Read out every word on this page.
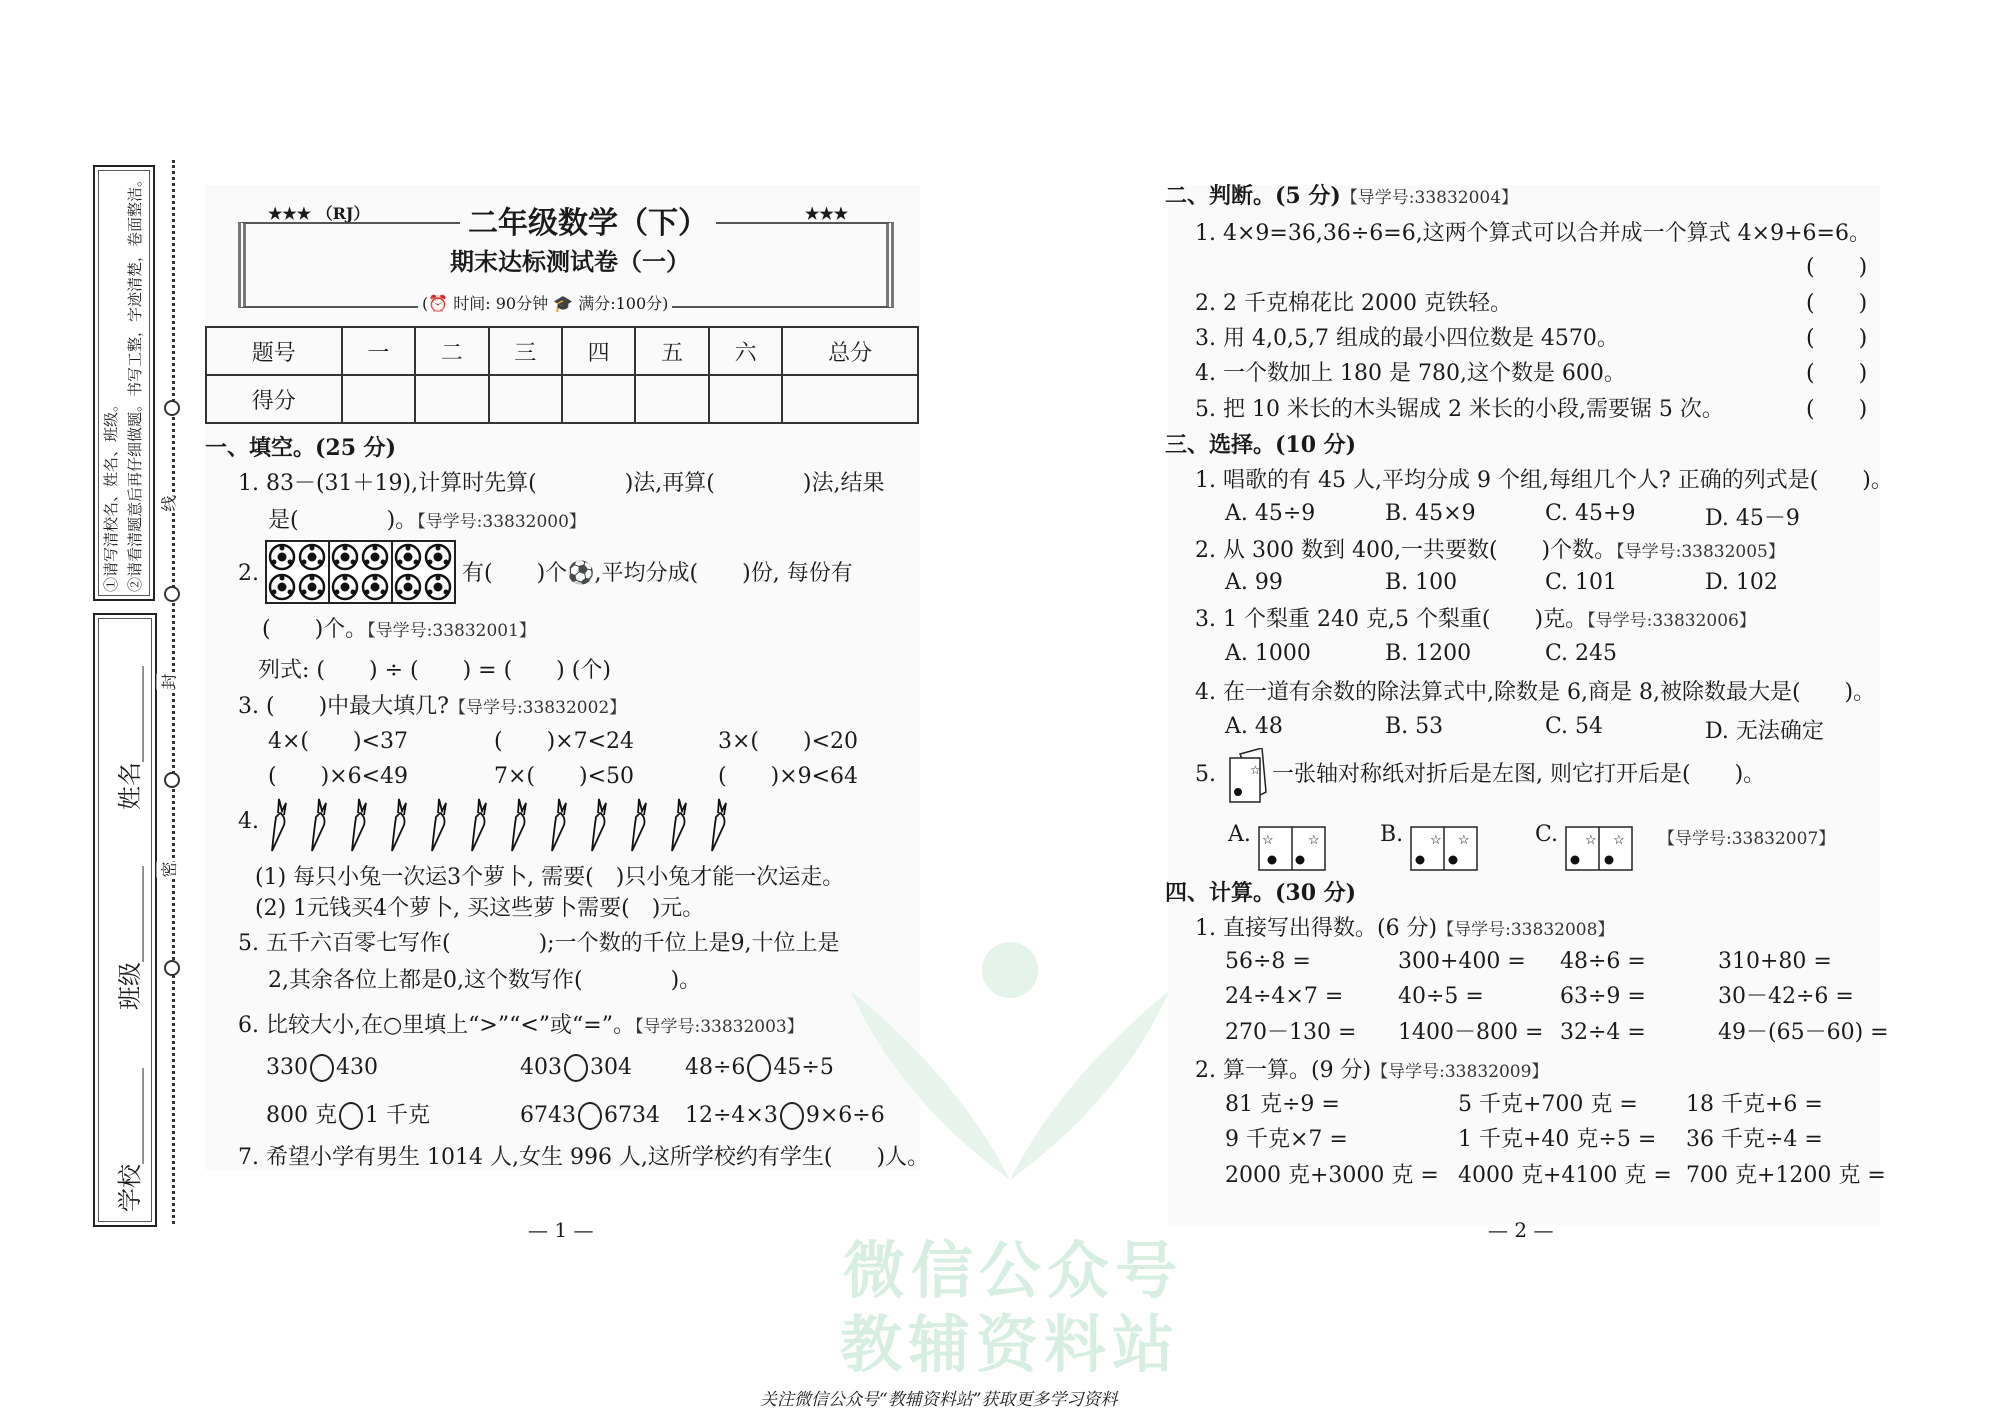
①请写清校名、姓名、班级。 ②请看清题意后再仔细做题。书写工整，字迹清楚，卷面整洁。
学校________
班级________
姓名________
线
封
密
微信公众号
教辅资料站
★★★ （RJ）	★★★
二年级数学（下）
期末达标测试卷（一）
(⏰ 时间: 90分钟 🎓 满分:100分)
题号	一	二	三	四	五	六	总分
得分							
一、填空。(25 分)
1. 83－(31＋19),计算时先算(　　　　)法,再算(　　　　)法,结果
是(　　　　)。【导学号:33832000】
2.	有(　　)个⚽,平均分成(　　)份, 每份有
(　　)个。【导学号:33832001】
列式: (　　) ÷ (　　) = (　　) (个)
3. (　　)中最大填几?【导学号:33832002】
4×(　　)<37	(　　)×7<24	3×(　　)<20
(　　)×6<49	7×(　　)<50	(　　)×9<64
4.
(1) 每只小兔一次运3个萝卜, 需要(　)只小兔才能一次运走。
(2) 1元钱买4个萝卜, 买这些萝卜需要(　)元。
5. 五千六百零七写作(　　　　);一个数的千位上是9,十位上是
2,其余各位上都是0,这个数写作(　　　　)。
6. 比较大小,在○里填上“>”“<”或“=”。【导学号:33832003】
330 430	403 304 48÷6 45÷5
800 克 1 千克	6743 6734 12÷4×3 9×6÷6
7. 希望小学有男生 1014 人,女生 996 人,这所学校约有学生(　　)人。
— 1 —
二、判断。(5 分)【导学号:33832004】
1. 4×9=36,36÷6=6,这两个算式可以合并成一个算式 4×9+6=6。
(　　)
2. 2 千克棉花比 2000 克铁轻。	(　　)
3. 用 4,0,5,7 组成的最小四位数是 4570。	(　　)
4. 一个数加上 180 是 780,这个数是 600。	(　　)
5. 把 10 米长的木头锯成 2 米长的小段,需要锯 5 次。	(　　)
三、选择。(10 分)
1. 唱歌的有 45 人,平均分成 9 个组,每组几个人? 正确的列式是(　　)。
A. 45÷9	B. 45×9	C. 45+9	D. 45－9
2. 从 300 数到 400,一共要数(　　)个数。【导学号:33832005】
A. 99	B. 100	C. 101	D. 102
3. 1 个梨重 240 克,5 个梨重(　　)克。【导学号:33832006】
A. 1000	B. 1200	C. 245
4. 在一道有余数的除法算式中,除数是 6,商是 8,被除数最大是(　　)。
A. 48	B. 53	C. 54	D. 无法确定
5.	☆ 一张轴对称纸对折后是左图, 则它打开后是(　　)。
A. ☆	☆	B. ☆ ☆	C. ☆ ☆ 【导学号:33832007】
四、计算。(30 分)
1. 直接写出得数。(6 分)【导学号:33832008】
56÷8 =	300+400 = 48÷6 =	310+80 =
24÷4×7 = 40÷5 =	63÷9 =	30－42÷6 =
270－130 = 1400－800 = 32÷4 =	49－(65－60) =
2. 算一算。(9 分)【导学号:33832009】
81 克÷9 =	5 千克+700 克 = 18 千克+6 =
9 千克×7 =	1 千克+40 克÷5 = 36 千克÷4 =
2000 克+3000 克 = 4000 克+4100 克 = 700 克+1200 克 =
— 2 —
关注微信公众号“教辅资料站”获取更多学习资料
